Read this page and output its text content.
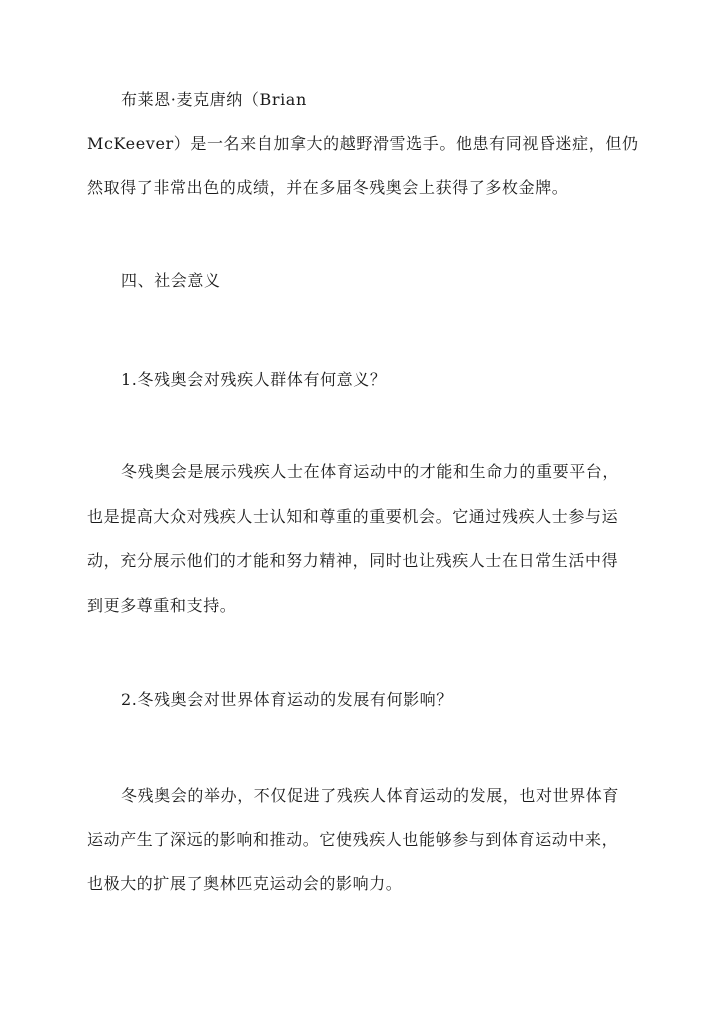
布莱恩·麦克唐纳（Brian
McKeever）是一名来自加拿大的越野滑雪选手。他患有同视昏迷症，但仍
然取得了非常出色的成绩，并在多届冬残奥会上获得了多枚金牌。
四、社会意义
1.冬残奥会对残疾人群体有何意义？
冬残奥会是展示残疾人士在体育运动中的才能和生命力的重要平台，
也是提高大众对残疾人士认知和尊重的重要机会。它通过残疾人士参与运
动，充分展示他们的才能和努力精神，同时也让残疾人士在日常生活中得
到更多尊重和支持。
2.冬残奥会对世界体育运动的发展有何影响？
冬残奥会的举办，不仅促进了残疾人体育运动的发展，也对世界体育
运动产生了深远的影响和推动。它使残疾人也能够参与到体育运动中来，
也极大的扩展了奥林匹克运动会的影响力。
